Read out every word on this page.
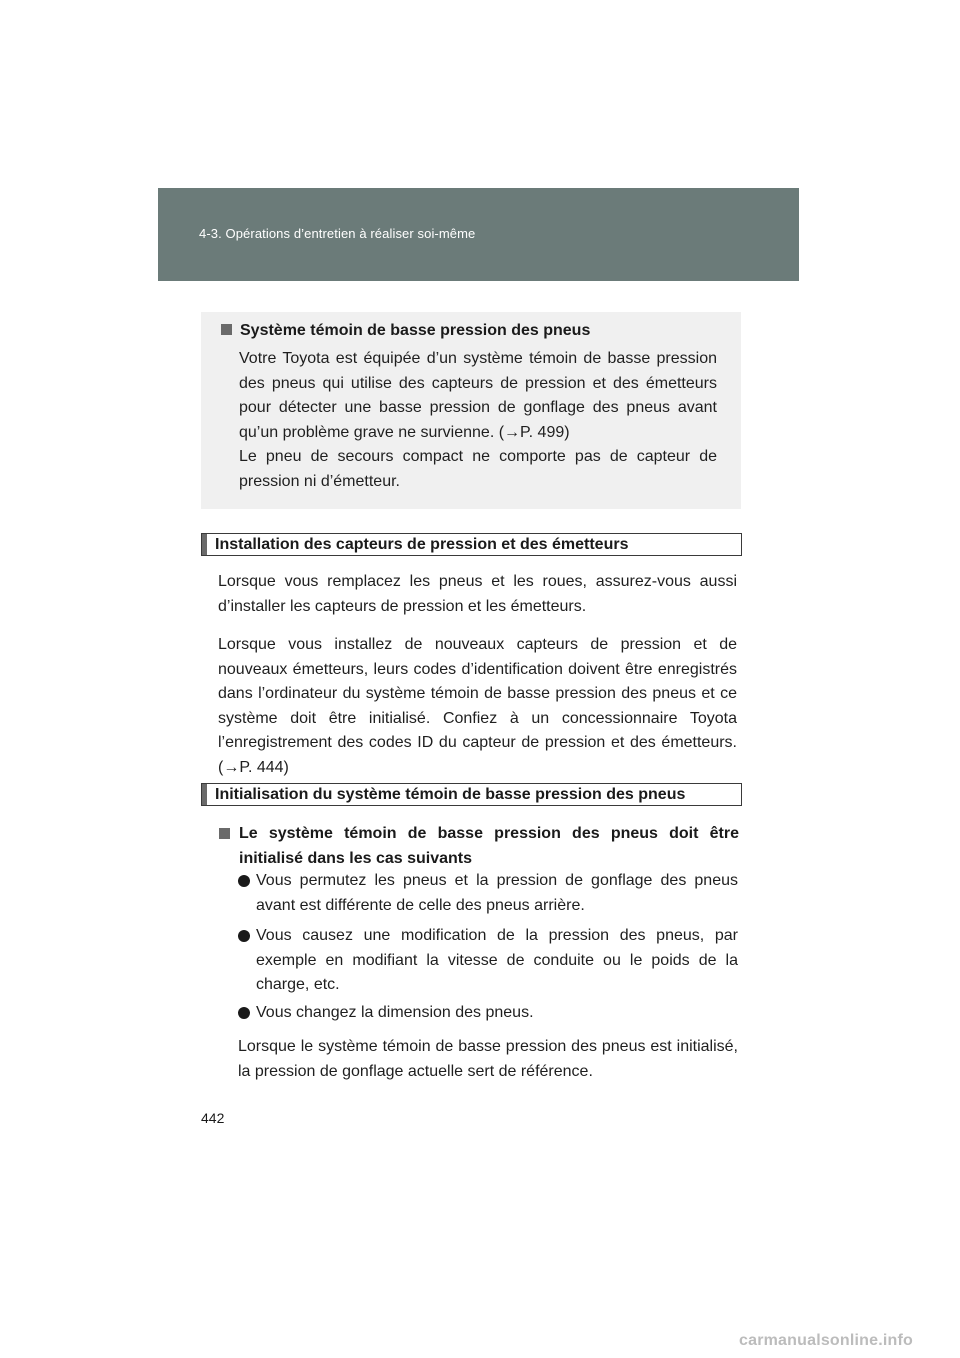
4-3. Opérations d’entretien à réaliser soi-même
Système témoin de basse pression des pneus
Votre Toyota est équipée d’un système témoin de basse pression des pneus qui utilise des capteurs de pression et des émetteurs pour détecter une basse pression de gonflage des pneus avant qu’un problème grave ne survienne. (→P. 499)
Le pneu de secours compact ne comporte pas de capteur de pression ni d’émetteur.
Installation des capteurs de pression et des émetteurs
Lorsque vous remplacez les pneus et les roues, assurez-vous aussi d’installer les capteurs de pression et les émetteurs.
Lorsque vous installez de nouveaux capteurs de pression et de nouveaux émetteurs, leurs codes d’identification doivent être enregistrés dans l’ordinateur du système témoin de basse pression des pneus et ce système doit être initialisé. Confiez à un concessionnaire Toyota l’enregistrement des codes ID du capteur de pression et des émetteurs. (→P. 444)
Initialisation du système témoin de basse pression des pneus
Le système témoin de basse pression des pneus doit être initialisé dans les cas suivants
Vous permutez les pneus et la pression de gonflage des pneus avant est différente de celle des pneus arrière.
Vous causez une modification de la pression des pneus, par exemple en modifiant la vitesse de conduite ou le poids de la charge, etc.
Vous changez la dimension des pneus.
Lorsque le système témoin de basse pression des pneus est initialisé, la pression de gonflage actuelle sert de référence.
442
carmanualsonline.info
